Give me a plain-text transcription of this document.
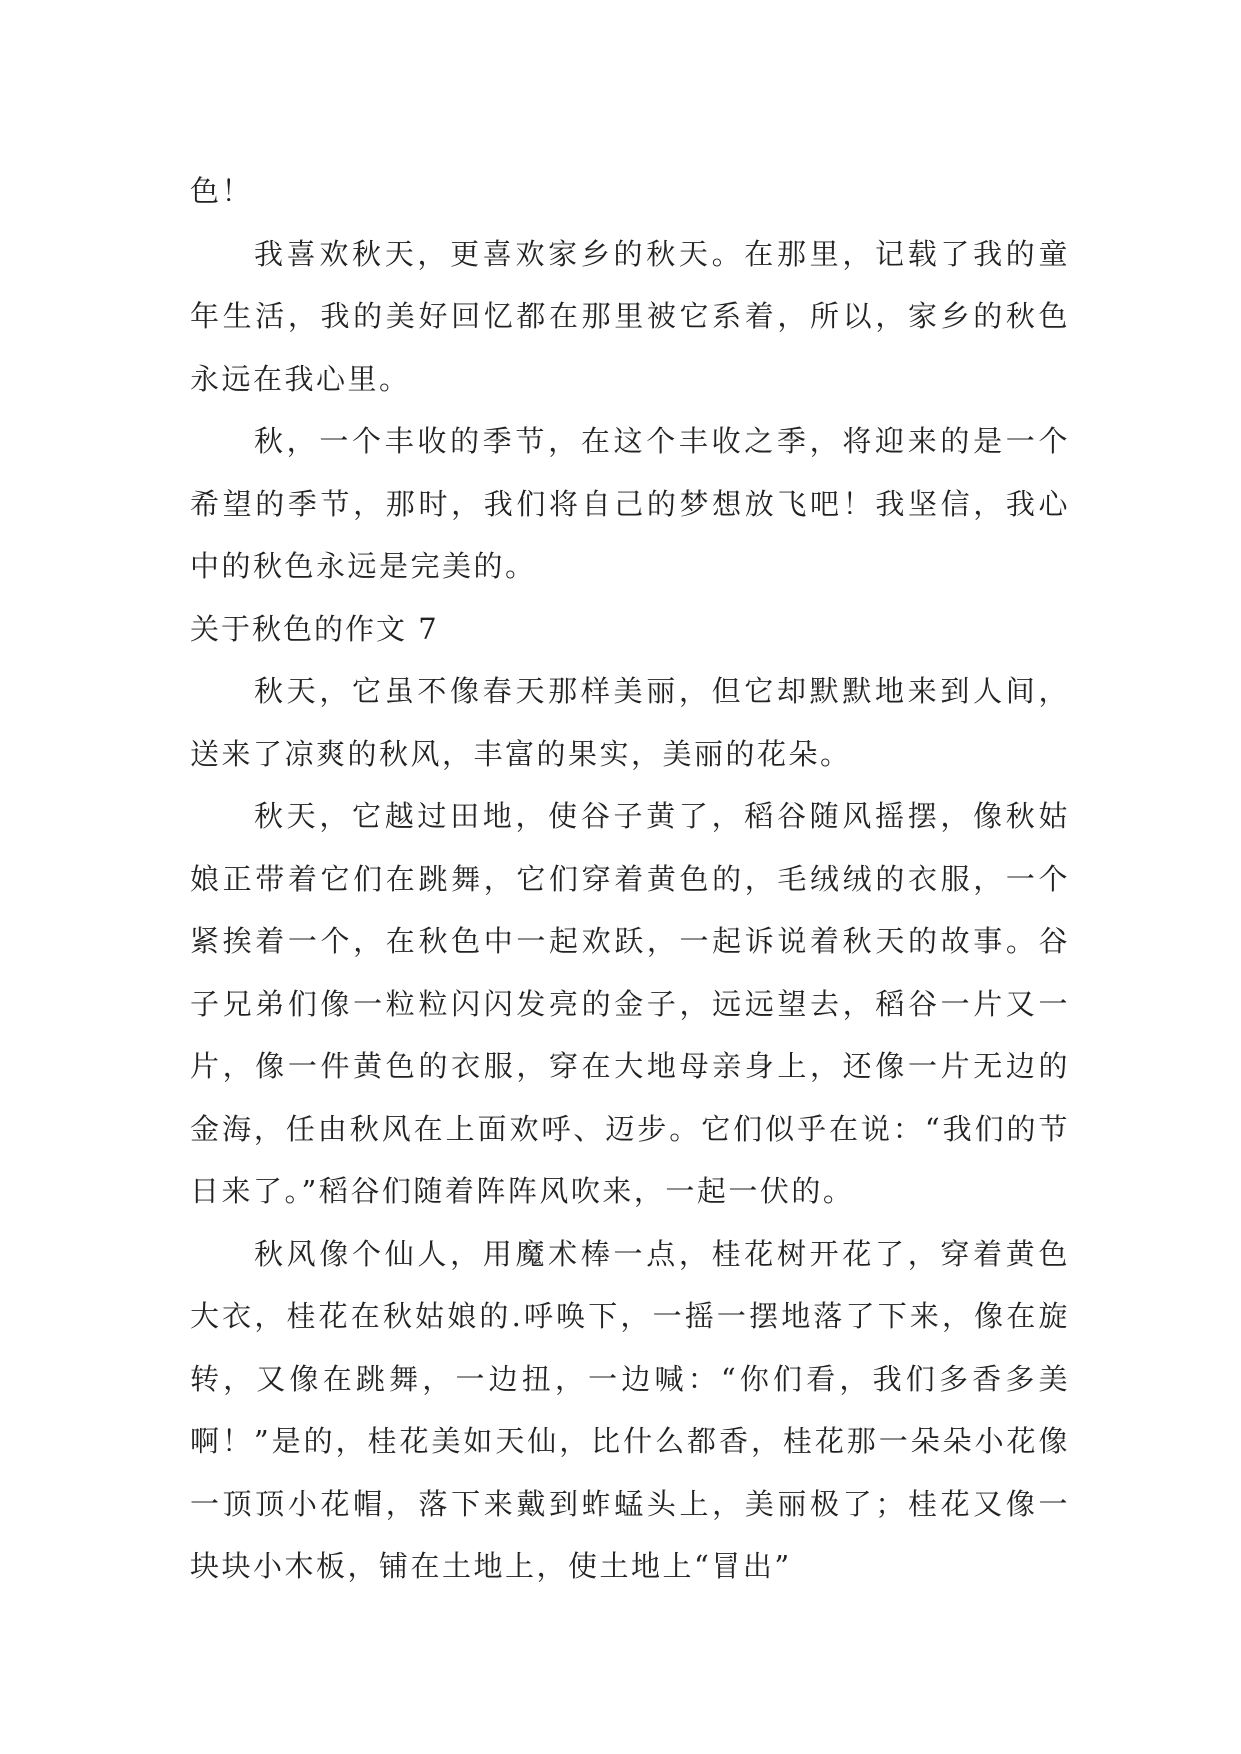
色！

我喜欢秋天，更喜欢家乡的秋天。在那里，记载了我的童年生活，我的美好回忆都在那里被它系着，所以，家乡的秋色永远在我心里。

秋，一个丰收的季节，在这个丰收之季，将迎来的是一个希望的季节，那时，我们将自己的梦想放飞吧！我坚信，我心中的秋色永远是完美的。

关于秋色的作文 7

秋天，它虽不像春天那样美丽，但它却默默地来到人间，送来了凉爽的秋风，丰富的果实，美丽的花朵。

秋天，它越过田地，使谷子黄了，稻谷随风摇摆，像秋姑娘正带着它们在跳舞，它们穿着黄色的，毛绒绒的衣服，一个紧挨着一个，在秋色中一起欢跃，一起诉说着秋天的故事。谷子兄弟们像一粒粒闪闪发亮的金子，远远望去，稻谷一片又一片，像一件黄色的衣服，穿在大地母亲身上，还像一片无边的金海，任由秋风在上面欢呼、迈步。它们似乎在说：“我们的节日来了。”稻谷们随着阵阵风吹来，一起一伏的。

秋风像个仙人，用魔术棒一点，桂花树开花了，穿着黄色大衣，桂花在秋姑娘的.呼唤下，一摇一摆地落了下来，像在旋转，又像在跳舞，一边扭，一边喊：“你们看，我们多香多美啊！”是的，桂花美如天仙，比什么都香，桂花那一朵朵小花像一顶顶小花帽，落下来戴到蚱蜢头上，美丽极了；桂花又像一块块小木板，铺在土地上，使土地上“冒出”
